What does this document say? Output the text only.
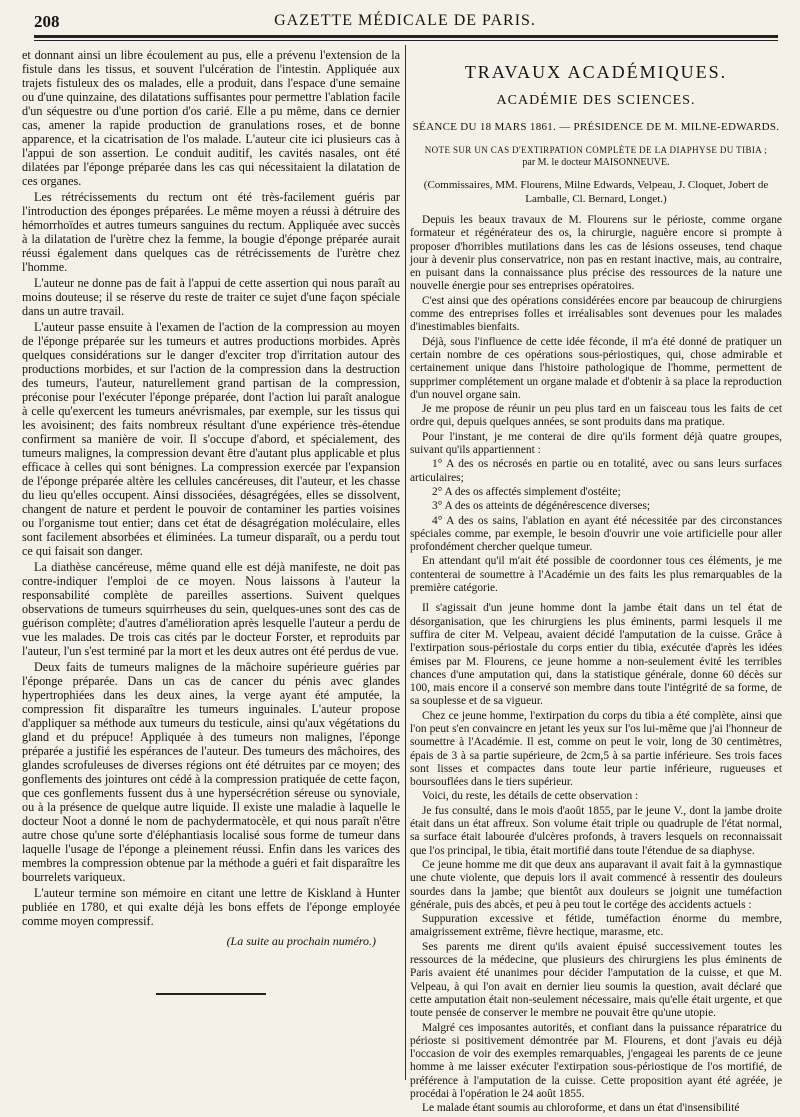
208	GAZETTE MÉDICALE DE PARIS.

et donnant ainsi un libre écoulement au pus, elle a prévenu l'extension de la fistule dans les tissus, et souvent l'ulcération de l'intestin. Appliquée aux trajets fistuleux des os malades, elle a produit, dans l'espace d'une semaine ou d'une quinzaine, des dilatations suffisantes pour permettre l'ablation facile d'un séquestre ou d'une portion d'os carié. Elle a pu même, dans ce dernier cas, amener la rapide production de granulations roses, et de bonne apparence, et la cicatrisation de l'os malade. L'auteur cite ici plusieurs cas à l'appui de son assertion. Le conduit auditif, les cavités nasales, ont été dilatées par l'éponge préparée dans les cas qui nécessitaient la dilatation de ces organes.

Les rétrécissements du rectum ont été très-facilement guéris par l'introduction des éponges préparées. Le même moyen a réussi à détruire des hémorrhoïdes et autres tumeurs sanguines du rectum. Appliquée avec succès à la dilatation de l'urètre chez la femme, la bougie d'éponge préparée aurait réussi également dans quelques cas de rétrécissements de l'urètre chez l'homme.

L'auteur ne donne pas de fait à l'appui de cette assertion qui nous paraît au moins douteuse; il se réserve du reste de traiter ce sujet d'une façon spéciale dans un autre travail.

L'auteur passe ensuite à l'examen de l'action de la compression au moyen de l'éponge préparée sur les tumeurs et autres productions morbides. Après quelques considérations sur le danger d'exciter trop d'irritation autour des productions morbides, et sur l'action de la compression dans la destruction des tumeurs, l'auteur, naturellement grand partisan de la compression, préconise pour l'exécuter l'éponge préparée, dont l'action lui paraît analogue à celle qu'exercent les tumeurs anévrismales, par exemple, sur les tissus qui les avoisinent; des faits nombreux résultant d'une expérience très-étendue confirment sa manière de voir. Il s'occupe d'abord, et spécialement, des tumeurs malignes, la compression devant être d'autant plus applicable et plus efficace à celles qui sont bénignes. La compression exercée par l'expansion de l'éponge préparée altère les cellules cancéreuses, dit l'auteur, et les chasse du lieu qu'elles occupent. Ainsi dissociées, désagrégées, elles se dissolvent, changent de nature et perdent le pouvoir de contaminer les parties voisines ou l'organisme tout entier; dans cet état de désagrégation moléculaire, elles sont facilement absorbées et éliminées. La tumeur disparaît, ou a perdu tout ce qui faisait son danger.

La diathèse cancéreuse, même quand elle est déjà manifeste, ne doit pas contre-indiquer l'emploi de ce moyen. Nous laissons à l'auteur la responsabilité complète de pareilles assertions. Suivent quelques observations de tumeurs squirrheuses du sein, quelques-unes sont des cas de guérison complète; d'autres d'amélioration après lesquelle l'auteur a perdu de vue les malades. De trois cas cités par le docteur Forster, et reproduits par l'auteur, l'un s'est terminé par la mort et les deux autres ont été perdus de vue.

Deux faits de tumeurs malignes de la mâchoire supérieure guéries par l'éponge préparée. Dans un cas de cancer du pénis avec glandes hypertrophiées dans les deux aines, la verge ayant été amputée, la compression fit disparaître les tumeurs inguinales. L'auteur propose d'appliquer sa méthode aux tumeurs du testicule, ainsi qu'aux végétations du gland et du prépuce! Appliquée à des tumeurs non malignes, l'éponge préparée a justifié les espérances de l'auteur. Des tumeurs des mâchoires, des glandes scrofuleuses de diverses régions ont été détruites par ce moyen; des gonflements des jointures ont cédé à la compression pratiquée de cette façon, que ces gonflements fussent dus à une hypersécrétion séreuse ou synoviale, ou à la présence de quelque autre liquide. Il existe une maladie à laquelle le docteur Noot a donné le nom de pachydermatocèle, et qui nous paraît n'être autre chose qu'une sorte d'éléphantiasis localisé sous forme de tumeur dans laquelle l'usage de l'éponge a pleinement réussi. Enfin dans les varices des membres la compression obtenue par la méthode a guéri et fait disparaître les bourrelets variqueux.

L'auteur termine son mémoire en citant une lettre de Kiskland à Hunter publiée en 1780, et qui exalte déjà les bons effets de l'éponge employée comme moyen compressif.

(La suite au prochain numéro.)
TRAVAUX ACADÉMIQUES.
ACADÉMIE DES SCIENCES.
SÉANCE DU 18 MARS 1861. — PRÉSIDENCE DE M. MILNE-EDWARDS.
NOTE SUR UN CAS D'EXTIRPATION COMPLÈTE DE LA DIAPHYSE DU TIBIA ;
par M. le docteur MAISONNEUVE.
(Commissaires, MM. Flourens, Milne Edwards, Velpeau, J. Cloquet, Jobert de Lamballe, Cl. Bernard, Longet.)

Depuis les beaux travaux de M. Flourens sur le périoste, comme organe formateur et régénérateur des os, la chirurgie, naguère encore si prompte à proposer d'horribles mutilations dans les cas de lésions osseuses, tend chaque jour à devenir plus conservatrice, non pas en restant inactive, mais, au contraire, en puisant dans la connaissance plus précise des ressources de la nature une nouvelle énergie pour ses entreprises opératoires.

C'est ainsi que des opérations considérées encore par beaucoup de chirurgiens comme des entreprises folles et irréalisables sont devenues pour les malades d'inestimables bienfaits.

Déjà, sous l'influence de cette idée féconde, il m'a été donné de pratiquer un certain nombre de ces opérations sous-périostiques, qui, chose admirable et certainement unique dans l'histoire pathologique de l'homme, permettent de supprimer complétement un organe malade et d'obtenir à sa place la reproduction d'un nouvel organe sain.

Je me propose de réunir un peu plus tard en un faisceau tous les faits de cet ordre qui, depuis quelques années, se sont produits dans ma pratique.

Pour l'instant, je me conterai de dire qu'ils forment déjà quatre groupes, suivant qu'ils appartiennent :

1° A des os nécrosés en partie ou en totalité, avec ou sans leurs surfaces articulaires;

2° A des os affectés simplement d'ostéite;

3° A des os atteints de dégénérescence diverses;

4° A des os sains, l'ablation en ayant été nécessitée par des circonstances spéciales comme, par exemple, le besoin d'ouvrir une voie artificielle pour aller profondément chercher quelque tumeur.

En attendant qu'il m'ait été possible de coordonner tous ces éléments, je me contenterai de soumettre à l'Académie un des faits les plus remarquables de la première catégorie.

Il s'agissait d'un jeune homme dont la jambe était dans un tel état de désorganisation, que les chirurgiens les plus éminents, parmi lesquels il me suffira de citer M. Velpeau, avaient décidé l'amputation de la cuisse. Grâce à l'extirpation sous-périostale du corps entier du tibia, exécutée d'après les idées émises par M. Flourens, ce jeune homme a non-seulement évité les terribles chances d'une amputation qui, dans la statistique générale, donne 60 décès sur 100, mais encore il a conservé son membre dans toute l'intégrité de sa forme, de sa souplesse et de sa vigueur.

Chez ce jeune homme, l'extirpation du corps du tibia a été complète, ainsi que l'on peut s'en convaincre en jetant les yeux sur l'os lui-même que j'ai l'honneur de soumettre à l'Académie. Il est, comme on peut le voir, long de 30 centimètres, épais de 3 à sa partie supérieure, de 2cm,5 à sa partie inférieure. Ses trois faces sont lisses et compactes dans toute leur partie inférieure, rugueuses et boursouflées dans le tiers supérieur.

Voici, du reste, les détails de cette observation :

Je fus consulté, dans le mois d'août 1855, par le jeune V., dont la jambe droite était dans un état affreux. Son volume était triple ou quadruple de l'état normal, sa surface était labourée d'ulcères profonds, à travers lesquels on reconnaissait que l'os principal, le tibia, était mortifié dans toute l'étendue de sa diaphyse.

Ce jeune homme me dit que deux ans auparavant il avait fait à la gymnastique une chute violente, que depuis lors il avait commencé à ressentir des douleurs sourdes dans la jambe; que bientôt aux douleurs se joignit une tuméfaction générale, puis des abcès, et peu à peu tout le cortége des accidents actuels :

Suppuration excessive et fétide, tuméfaction énorme du membre, amaigrissement extrême, fièvre hectique, marasme, etc.

Ses parents me dirent qu'ils avaient épuisé successivement toutes les ressources de la médecine, que plusieurs des chirurgiens les plus éminents de Paris avaient été unanimes pour décider l'amputation de la cuisse, et que M. Velpeau, à qui l'on avait en dernier lieu soumis la question, avait déclaré que cette amputation était non-seulement nécessaire, mais qu'elle était urgente, et que toute pensée de conserver le membre ne pouvait être qu'une utopie.

Malgré ces imposantes autorités, et confiant dans la puissance réparatrice du périoste si positivement démontrée par M. Flourens, et dont j'avais eu déjà l'occasion de voir des exemples remarquables, j'engageai les parents de ce jeune homme à me laisser exécuter l'extirpation sous-périostique de l'os mortifié, de préférence à l'amputation de la cuisse. Cette proposition ayant été agréée, je procédai à l'opération le 24 août 1855.

Le malade étant soumis au chloroforme, et dans un état d'insensibilité
